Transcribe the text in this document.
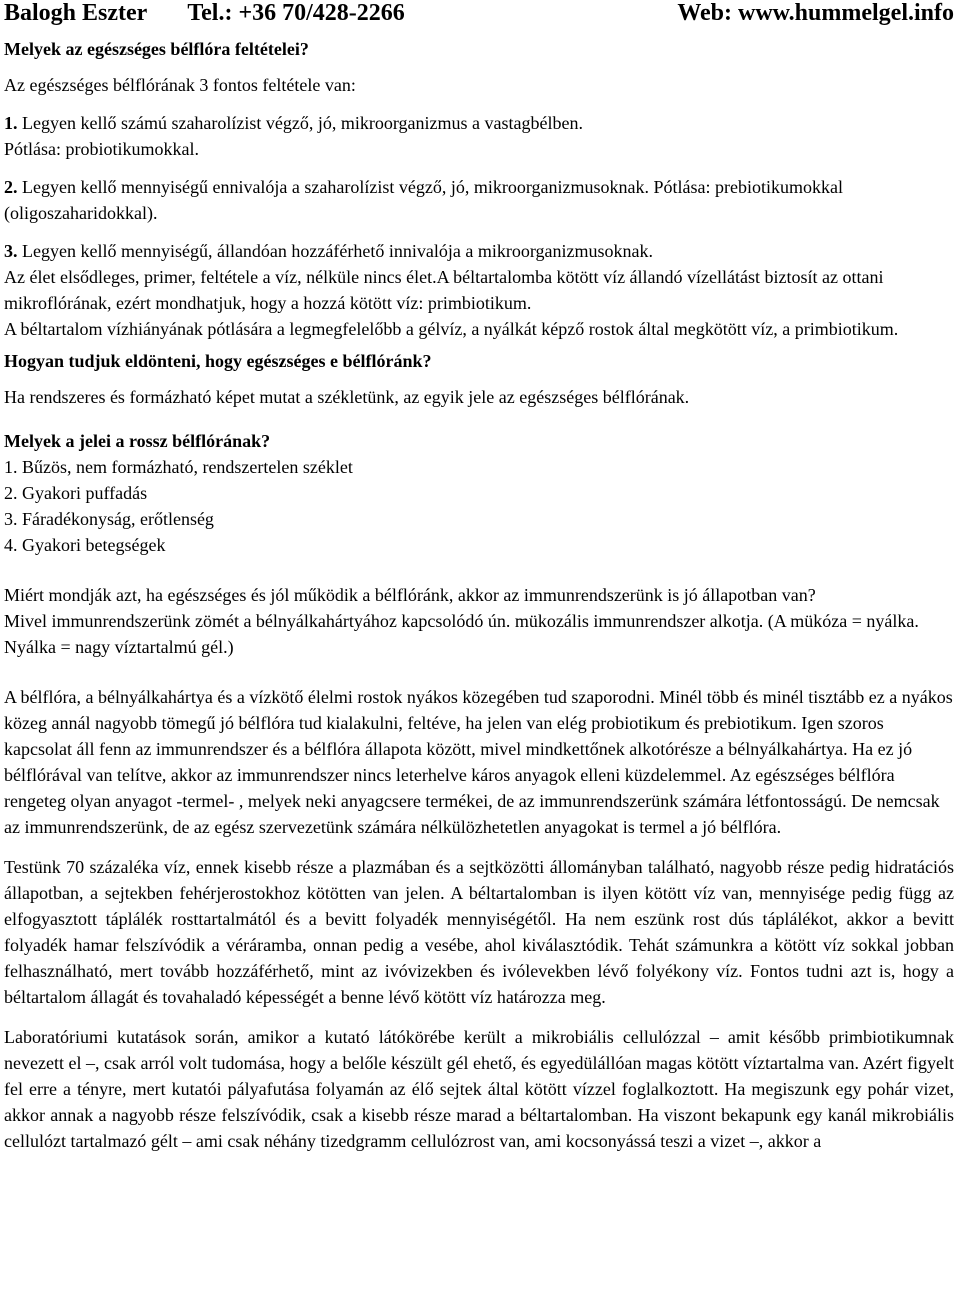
Balogh Eszter Tel.: +36 70/428-2266	Web: www.hummelgel.info
Melyek az egészséges bélflóra feltételei?
Az egészséges bélflórának 3 fontos feltétele van:
1. Legyen kellő számú szaharolízist végző, jó, mikroorganizmus a vastagbélben.
Pótlása: probiotikumokkal.
2. Legyen kellő mennyiségű ennivalója a szaharolízist végző, jó, mikroorganizmusoknak. Pótlása: prebiotikumokkal (oligoszaharidokkal).
3. Legyen kellő mennyiségű, állandóan hozzáférhető innivalója a mikroorganizmusoknak.
Az élet elsődleges, primer, feltétele a víz, nélküle nincs élet.A béltartalomba kötött víz állandó vízellátást biztosít az ottani mikroflórának, ezért mondhatjuk, hogy a hozzá kötött víz: primbiotikum.
A béltartalom vízhiányának pótlására a legmegfelelőbb a gélvíz, a nyálkát képző rostok által megkötött víz, a primbiotikum.
Hogyan tudjuk eldönteni, hogy egészséges e bélflóránk?
Ha rendszeres és formázható képet mutat a székletünk, az egyik jele az egészséges bélflórának.
Melyek a jelei a rossz bélflórának?
1. Bűzös, nem formázható, rendszertelen széklet
2. Gyakori puffadás
3. Fáradékonyság, erőtlenség
4. Gyakori betegségek
Miért mondják azt, ha egészséges és jól működik a bélflóránk, akkor az immunrendszerünk is jó állapotban van?
Mivel immunrendszerünk zömét a bélnyálkahártyához kapcsolódó ún. mükozális immunrendszer alkotja. (A mükóza = nyálka. Nyálka = nagy víztartalmú gél.)
A bélflóra, a bélnyálkahártya és a vízkötő élelmi rostok nyákos közegében tud szaporodni. Minél több és minél tisztább ez a nyákos közeg annál nagyobb tömegű jó bélflóra tud kialakulni, feltéve, ha jelen van elég probiotikum és prebiotikum. Igen szoros kapcsolat áll fenn az immunrendszer és a bélflóra állapota között, mivel mindkettőnek alkotórésze a bélnyálkahártya. Ha ez jó bélflórával van telítve, akkor az immunrendszer nincs leterhelve káros anyagok elleni küzdelemmel. Az egészséges bélflóra rengeteg olyan anyagot -termel- , melyek neki anyagcsere termékei, de az immunrendszerünk számára létfontosságú. De nemcsak az immunrendszerünk, de az egész szervezetünk számára nélkülözhetetlen anyagokat is termel a jó bélflóra.
Testünk 70 százaléka víz, ennek kisebb része a plazmában és a sejtközötti állományban található, nagyobb része pedig hidratációs állapotban, a sejtekben fehérjerostokhoz kötötten van jelen. A béltartalomban is ilyen kötött víz van, mennyisége pedig függ az elfogyasztott táplálék rosttartalmától és a bevitt folyadék mennyiségétől. Ha nem eszünk rost dús táplálékot, akkor a bevitt folyadék hamar felszívódik a véráramba, onnan pedig a vesébe, ahol kiválasztódik. Tehát számunkra a kötött víz sokkal jobban felhasználható, mert tovább hozzáférhető, mint az ivóvizekben és ivólevekben lévő folyékony víz. Fontos tudni azt is, hogy a béltartalom állagát és tovahaladó képességét a benne lévő kötött víz határozza meg.
Laboratóriumi kutatások során, amikor a kutató látókörébe került a mikrobiális cellulózzal – amit később primbiotikumnak nevezett el –, csak arról volt tudomása, hogy a belőle készült gél ehető, és egyedülállóan magas kötött víztartalma van. Azért figyelt fel erre a tényre, mert kutatói pályafutása folyamán az élő sejtek által kötött vízzel foglalkoztott. Ha megiszunk egy pohár vizet, akkor annak a nagyobb része felszívódik, csak a kisebb része marad a béltartalomban. Ha viszont bekapunk egy kanál mikrobiális cellulózt tartalmazó gélt – ami csak néhány tizedgramm cellulózrost van, ami kocsonyássá teszi a vizet –, akkor a
